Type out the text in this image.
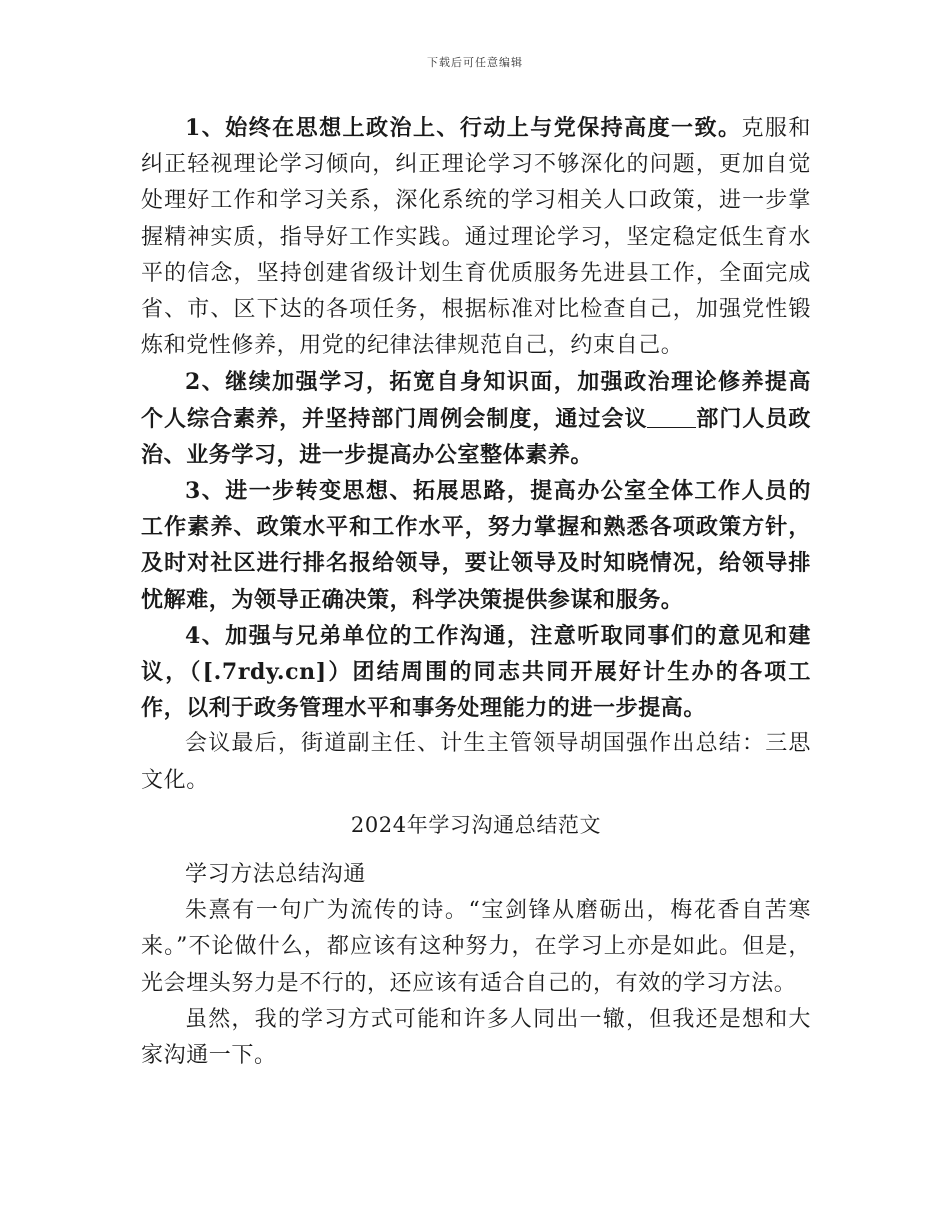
下载后可任意编辑

1、始终在思想上政治上、行动上与党保持高度一致。克服和纠正轻视理论学习倾向，纠正理论学习不够深化的问题，更加自觉处理好工作和学习关系，深化系统的学习相关人口政策，进一步掌握精神实质，指导好工作实践。通过理论学习，坚定稳定低生育水平的信念，坚持创建省级计划生育优质服务先进县工作，全面完成省、市、区下达的各项任务，根据标准对比检查自己，加强党性锻炼和党性修养，用党的纪律法律规范自己，约束自己。

2、继续加强学习，拓宽自身知识面，加强政治理论修养提高个人综合素养，并坚持部门周例会制度，通过会议 部门人员政治、业务学习，进一步提高办公室整体素养。

3、进一步转变思想、拓展思路，提高办公室全体工作人员的工作素养、政策水平和工作水平，努力掌握和熟悉各项政策方针，及时对社区进行排名报给领导，要让领导及时知晓情况，给领导排忧解难，为领导正确决策，科学决策提供参谋和服务。

4、加强与兄弟单位的工作沟通，注意听取同事们的意见和建议，（[.7rdy.cn]）团结周围的同志共同开展好计生办的各项工作，以利于政务管理水平和事务处理能力的进一步提高。

会议最后，街道副主任、计生主管领导胡国强作出总结：三思文化。

2024年学习沟通总结范文

学习方法总结沟通

朱熹有一句广为流传的诗。“宝剑锋从磨砺出，梅花香自苦寒来。”不论做什么，都应该有这种努力，在学习上亦是如此。但是，光会埋头努力是不行的，还应该有适合自己的，有效的学习方法。

虽然，我的学习方式可能和许多人同出一辙，但我还是想和大家沟通一下。
